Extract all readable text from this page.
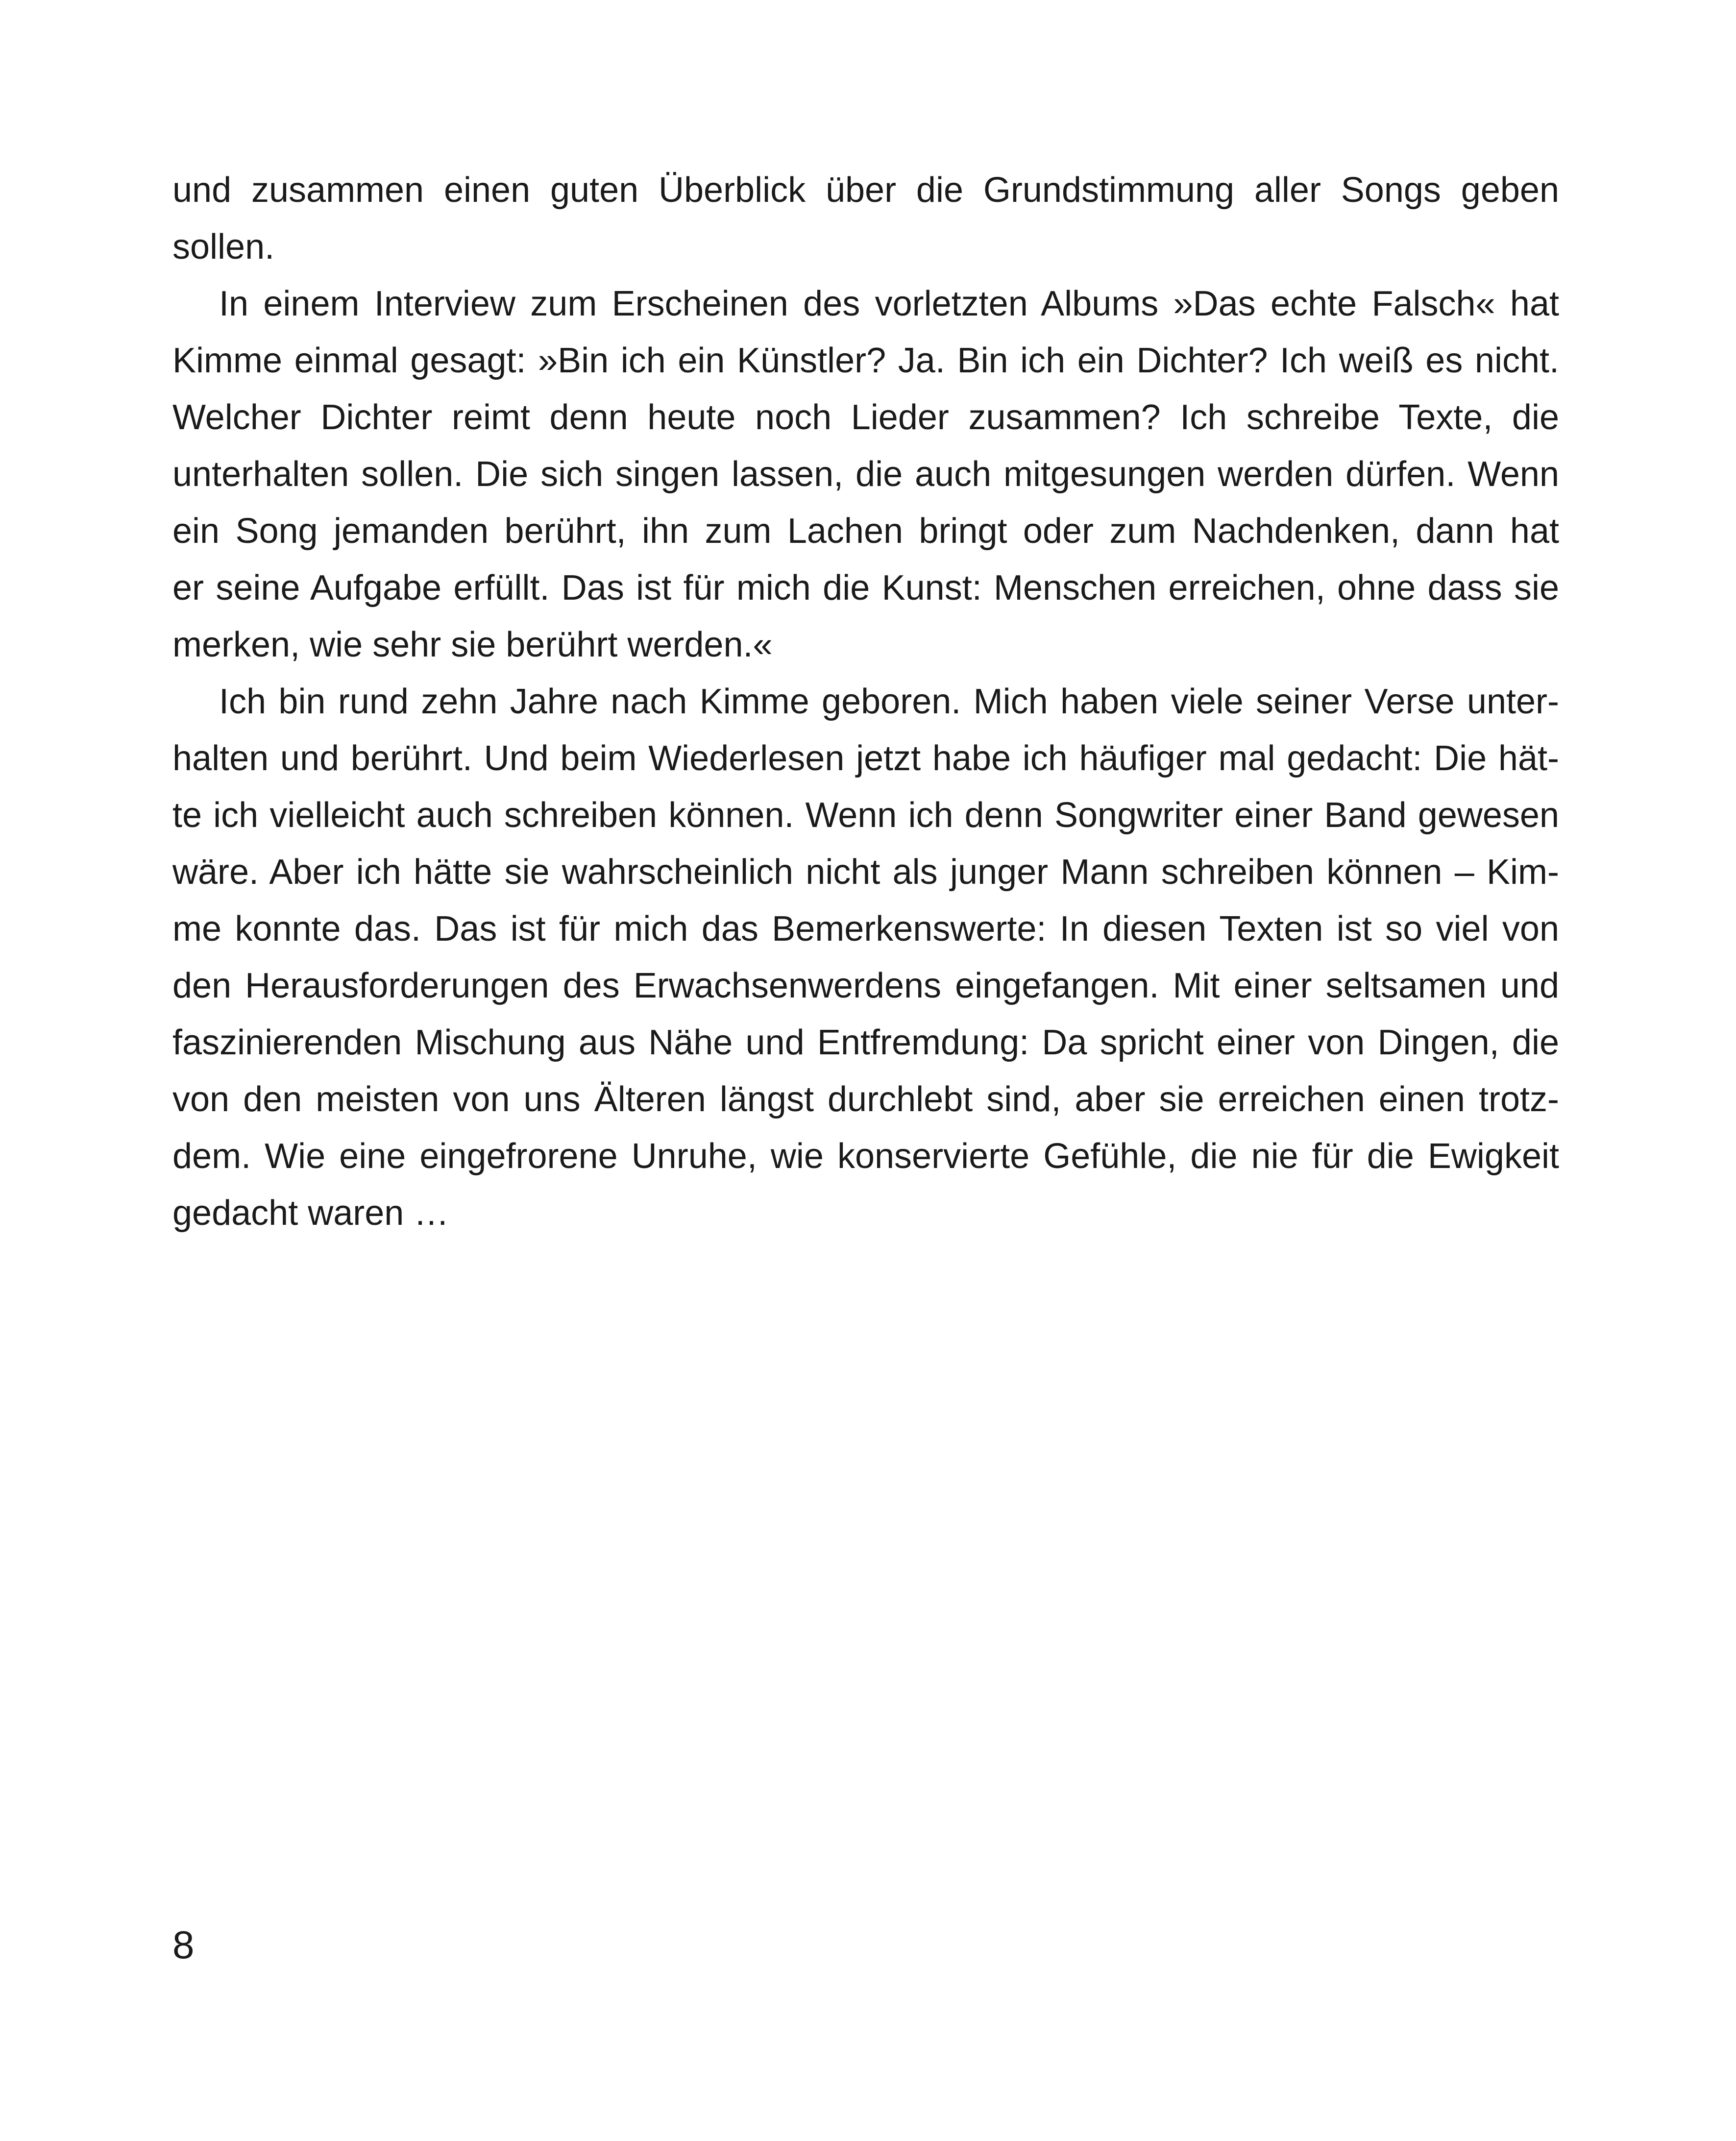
und zusammen einen guten Überblick über die Grundstimmung aller Songs geben
sollen.
In einem Interview zum Erscheinen des vorletzten Albums »Das echte Falsch« hat
Kimme einmal gesagt: »Bin ich ein Künstler? Ja. Bin ich ein Dichter? Ich weiß es nicht.
Welcher Dichter reimt denn heute noch Lieder zusammen? Ich schreibe Texte, die
unterhalten sollen. Die sich singen lassen, die auch mitgesungen werden dürfen. Wenn
ein Song jemanden berührt, ihn zum Lachen bringt oder zum Nachdenken, dann hat
er seine Aufgabe erfüllt. Das ist für mich die Kunst: Menschen erreichen, ohne dass sie
merken, wie sehr sie berührt werden.«
Ich bin rund zehn Jahre nach Kimme geboren. Mich haben viele seiner Verse unter-
halten und berührt. Und beim Wiederlesen jetzt habe ich häufiger mal gedacht: Die hät-
te ich vielleicht auch schreiben können. Wenn ich denn Songwriter einer Band gewesen
wäre. Aber ich hätte sie wahrscheinlich nicht als junger Mann schreiben können – Kim-
me konnte das. Das ist für mich das Bemerkenswerte: In diesen Texten ist so viel von
den Herausforderungen des Erwachsenwerdens eingefangen. Mit einer seltsamen und
faszinierenden Mischung aus Nähe und Entfremdung: Da spricht einer von Dingen, die
von den meisten von uns Älteren längst durchlebt sind, aber sie erreichen einen trotz-
dem. Wie eine eingefrorene Unruhe, wie konservierte Gefühle, die nie für die Ewigkeit
gedacht waren …
8
